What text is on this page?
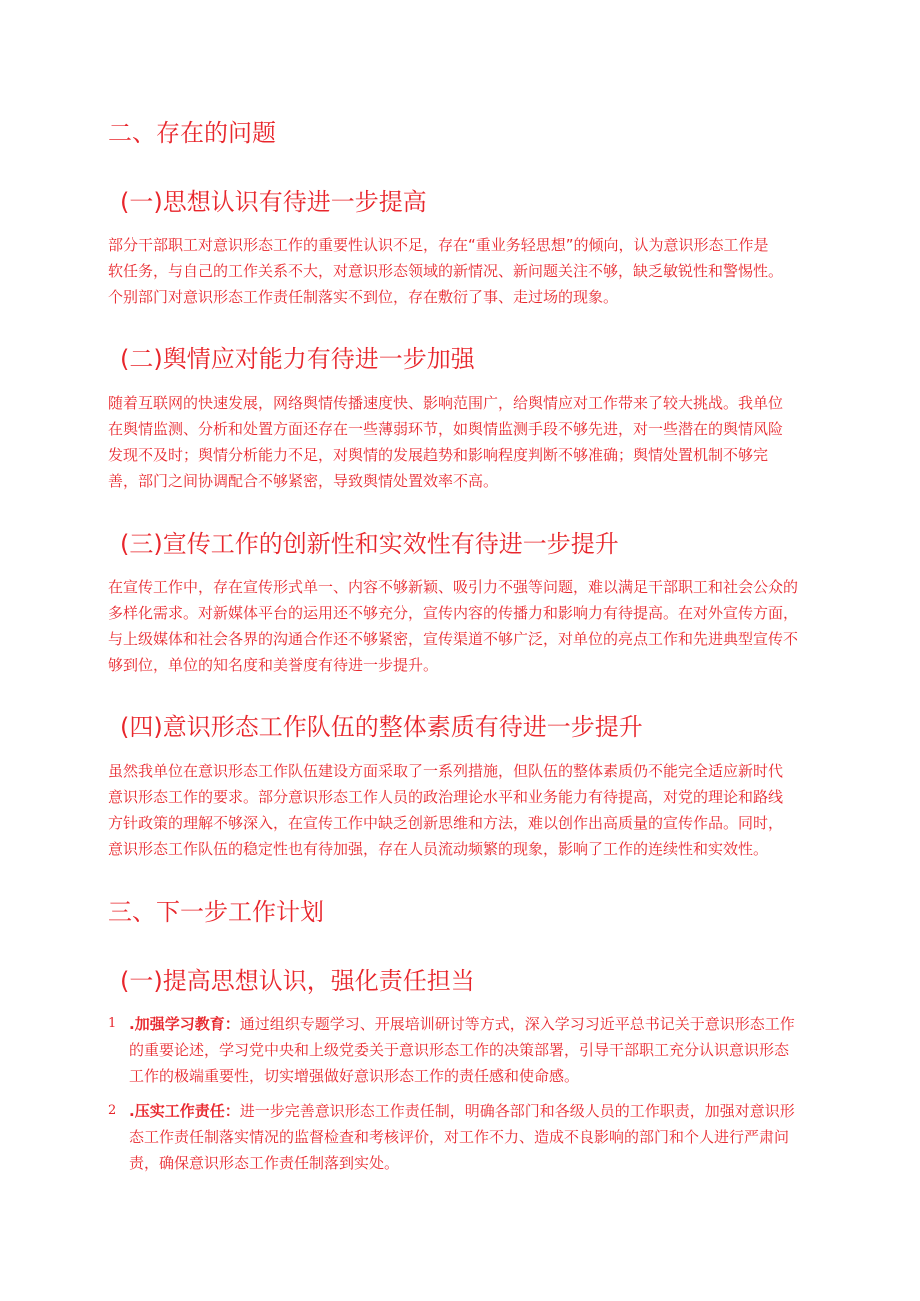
二、存在的问题
(一)思想认识有待进一步提高
部分干部职工对意识形态工作的重要性认识不足，存在“重业务轻思想”的倾向，认为意识形态工作是
软任务，与自己的工作关系不大，对意识形态领域的新情况、新问题关注不够，缺乏敏锐性和警惕性。
个别部门对意识形态工作责任制落实不到位，存在敷衍了事、走过场的现象。
(二)舆情应对能力有待进一步加强
随着互联网的快速发展，网络舆情传播速度快、影响范围广，给舆情应对工作带来了较大挑战。我单位
在舆情监测、分析和处置方面还存在一些薄弱环节，如舆情监测手段不够先进，对一些潜在的舆情风险
发现不及时；舆情分析能力不足，对舆情的发展趋势和影响程度判断不够准确；舆情处置机制不够完
善，部门之间协调配合不够紧密，导致舆情处置效率不高。
(三)宣传工作的创新性和实效性有待进一步提升
在宣传工作中，存在宣传形式单一、内容不够新颖、吸引力不强等问题，难以满足干部职工和社会公众的
多样化需求。对新媒体平台的运用还不够充分，宣传内容的传播力和影响力有待提高。在对外宣传方面，
与上级媒体和社会各界的沟通合作还不够紧密，宣传渠道不够广泛，对单位的亮点工作和先进典型宣传不
够到位，单位的知名度和美誉度有待进一步提升。
(四)意识形态工作队伍的整体素质有待进一步提升
虽然我单位在意识形态工作队伍建设方面采取了一系列措施，但队伍的整体素质仍不能完全适应新时代
意识形态工作的要求。部分意识形态工作人员的政治理论水平和业务能力有待提高，对党的理论和路线
方针政策的理解不够深入，在宣传工作中缺乏创新思维和方法，难以创作出高质量的宣传作品。同时，
意识形态工作队伍的稳定性也有待加强，存在人员流动频繁的现象，影响了工作的连续性和实效性。
三、下一步工作计划
(一)提高思想认识，强化责任担当
1 .加强学习教育：通过组织专题学习、开展培训研讨等方式，深入学习习近平总书记关于意识形态工作
的重要论述，学习党中央和上级党委关于意识形态工作的决策部署，引导干部职工充分认识意识形态
工作的极端重要性，切实增强做好意识形态工作的责任感和使命感。
2 .压实工作责任：进一步完善意识形态工作责任制，明确各部门和各级人员的工作职责，加强对意识形
态工作责任制落实情况的监督检查和考核评价，对工作不力、造成不良影响的部门和个人进行严肃问
责，确保意识形态工作责任制落到实处。
